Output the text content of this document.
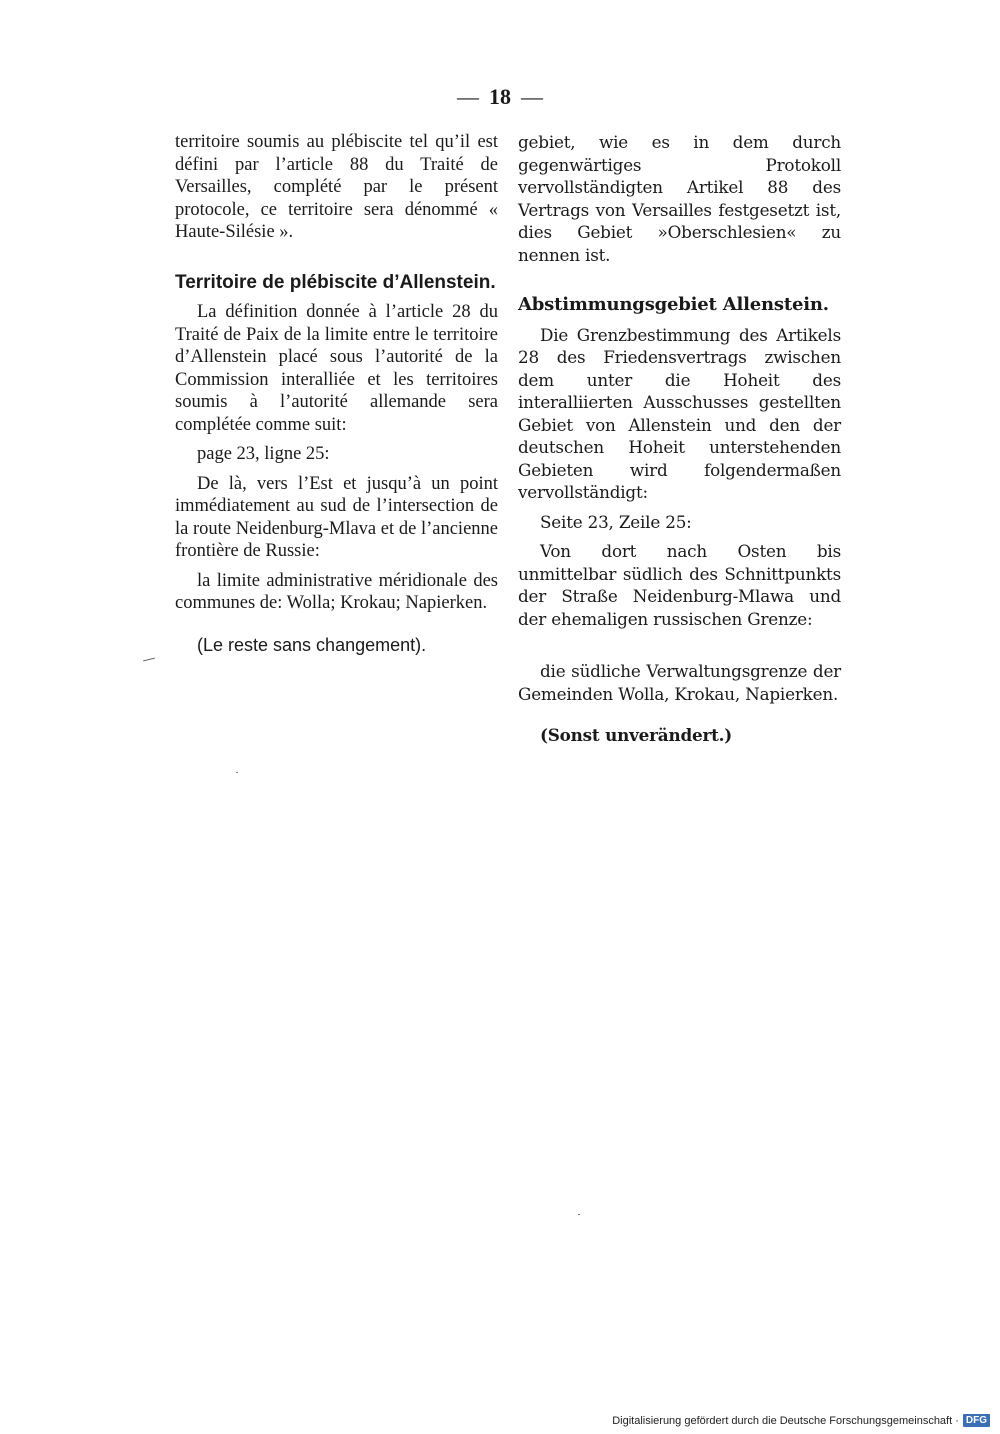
— 18 —

territoire soumis au plébiscite tel qu’il est défini par l’article 88 du Traité de Versailles, complété par le présent protocole, ce territoire sera dénommé « Haute-Silésie ».

Territoire de plébiscite d’Allenstein.

La définition donnée à l’article 28 du Traité de Paix de la limite entre le territoire d’Allenstein placé sous l’autorité de la Commission interalliée et les territoires soumis à l’autorité allemande sera complétée comme suit:

page 23, ligne 25:

De là, vers l’Est et jusqu’à un point immédiatement au sud de l’intersection de la route Neidenburg-Mlava et de l’ancienne frontière de Russie:

la limite administrative méridionale des communes de: Wolla; Krokau; Napierken.

(Le reste sans changement).

gebiet, wie es in dem durch gegenwärtiges Protokoll vervollständigten Artikel 88 des Vertrags von Versailles festgesetzt ist, dies Gebiet »Oberschlesien« zu nennen ist.

Abstimmungsgebiet Allenstein.

Die Grenzbestimmung des Artikels 28 des Friedensvertrags zwischen dem unter die Hoheit des interalliierten Ausschusses gestellten Gebiet von Allenstein und den der deutschen Hoheit unterstehenden Gebieten wird folgendermaßen vervollständigt:

Seite 23, Zeile 25:

Von dort nach Osten bis unmittelbar südlich des Schnittpunkts der Straße Neidenburg-Mlawa und der ehemaligen russischen Grenze:

die südliche Verwaltungsgrenze der Gemeinden Wolla, Krokau, Napierken.

(Sonst unverändert.)

Digitalisierung gefördert durch die Deutsche Forschungsgemeinschaft · DFG
